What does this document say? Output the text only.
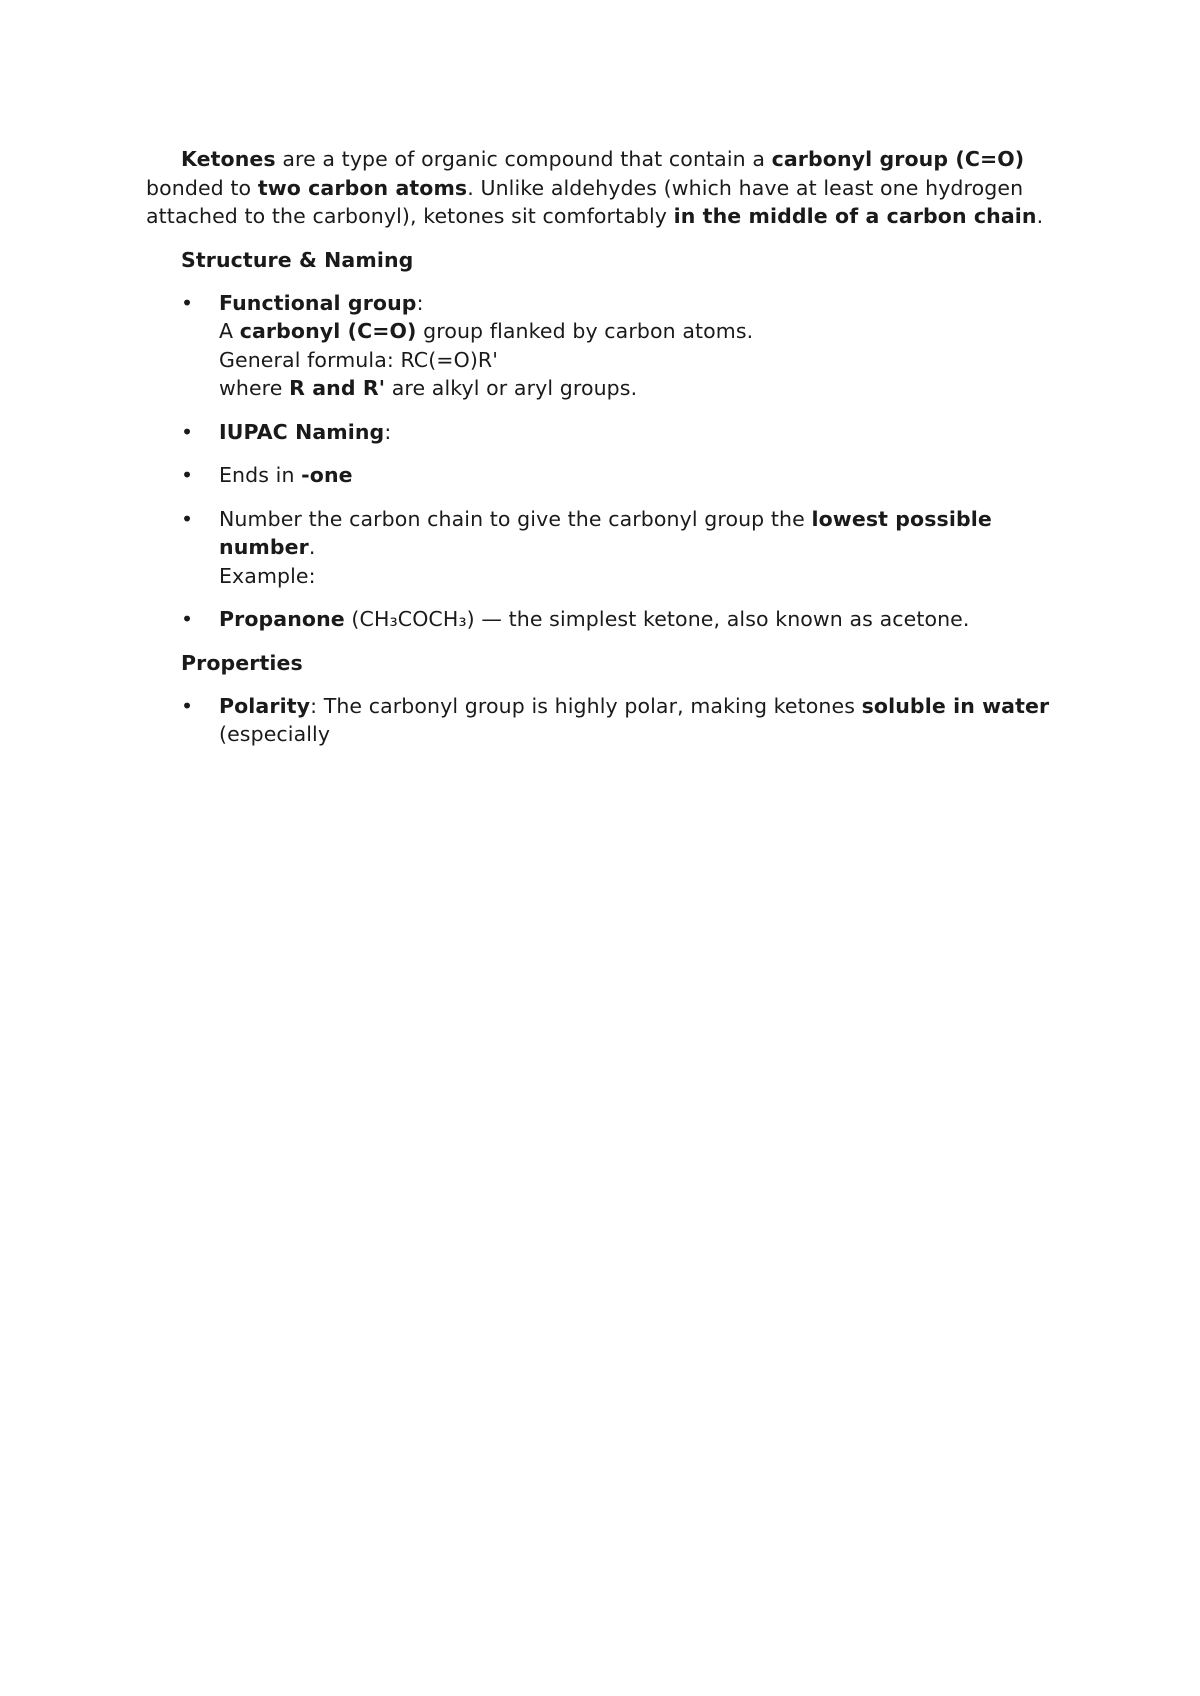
Ketones are a type of organic compound that contain a carbonyl group (C=O) bonded to two carbon atoms. Unlike aldehydes (which have at least one hydrogen attached to the carbonyl), ketones sit comfortably in the middle of a carbon chain.

Structure & Naming
• Functional group:
A carbonyl (C=O) group flanked by carbon atoms.
General formula: RC(=O)R'
where R and R' are alkyl or aryl groups.
• IUPAC Naming:
• Ends in -one
• Number the carbon chain to give the carbonyl group the lowest possible number.
Example:
• Propanone (CH₃COCH₃) — the simplest ketone, also known as acetone.
Properties
• Polarity: The carbonyl group is highly polar, making ketones soluble in water (especially
